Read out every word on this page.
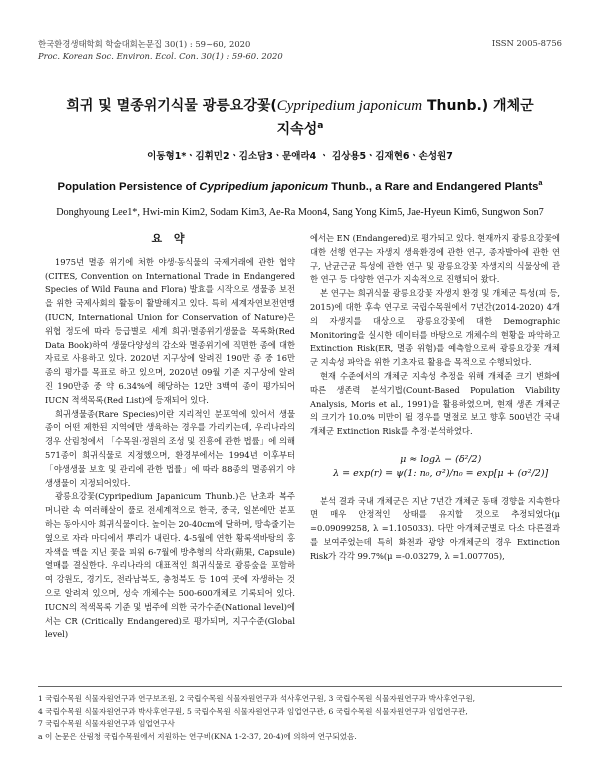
한국환경생태학회 학술대회논문집 30(1) : 59~60, 2020
Proc. Korean Soc. Environ. Ecol. Con. 30(1) : 59-60. 2020
ISSN 2005-8756
희귀 및 멸종위기식물 광릉요강꽃(Cypripedium japonicum Thunb.) 개체군
지속성$^a$
이동형1*ㆍ김휘민2ㆍ김소담3ㆍ문애라4 ㆍ 김상용5ㆍ김재현6ㆍ손성원7
Population Persistence of Cypripedium japonicum Thunb., a Rare and Endangered Plants$^a$
Donghyoung Lee1*, Hwi-min Kim2, Sodam Kim3, Ae-Ra Moon4, Sang Yong Kim5, Jae-Hyeun Kim6, Sungwon Son7
요 약

1975년 멸종 위기에 처한 야생·동식물의 국제거래에 관한 협약(CITES, Convention on International Trade in Endangered Species of Wild Fauna and Flora) 발효를 시작으로 생물종 보전을 위한 국제사회의 활동이 활발해지고 있다. 특히 세계자연보전연맹(IUCN, International Union for Conservation of Nature)은 위협 정도에 따라 등급별로 세계 희귀·멸종위기생물을 목록화(Red Data Book)하여 생물다양성의 감소와 멸종위기에 직면한 종에 대한 자료로 사용하고 있다. 2020년 지구상에 알려진 190만 종 중 16만 종의 평가를 목표로 하고 있으며, 2020년 09월 기준 지구상에 알려진 190만종 중 약 6.34%에 해당하는 12만 3백여 종이 평가되어 IUCN 적색목록(Red List)에 등재되어 있다.

희귀생물종(Rare Species)이란 지리적인 분포역에 있어서 생물종이 어떤 제한된 지역에만 생육하는 경우를 가리키는데, 우리나라의 경우 산림청에서 「수목원·정원의 조성 및 진흥에 관한 법률」에 의해 571종이 희귀식물로 지정했으며, 환경부에서는 1994년 이후부터 「야생생물 보호 및 관리에 관한 법률」에 따라 88종의 멸종위기 야생생물이 지정되어있다.

광릉요강꽃(Cypripedium Japanicum Thunb.)은 난초과 복주머니란 속 여러해살이 풀로 전세계적으로 한국, 중국, 일본에만 분포하는 동아시아 희귀식물이다. 높이는 20-40cm에 달하며, 땅속줄기는 옆으로 자라 마디에서 뿌리가 내린다. 4-5월에 연한 황록색바탕의 홍자색을 맥을 지닌 꽃을 피워 6-7월에 방추형의 삭과(蒴果, Capsule)열매를 결실한다. 우리나라의 대표적인 희귀식물로 광릉숲을 포함하여 강원도, 경기도, 전라남북도, 충청북도 등 10여 곳에 자생하는 것으로 알려져 있으며, 성숙 개체수는 500-600개체로 기록되어 있다. IUCN의 적색목록 기준 및 범주에 의한 국가수준(National level)에서는 CR (Critically Endangered)로 평가되며, 지구수준(Global level)

에서는 EN (Endangered)로 평가되고 있다. 현재까지 광릉요강꽃에 대한 선행 연구는 자생지 생육환경에 관한 연구, 종자발아에 관한 연구, 난균근균 특성에 관한 연구 및 광릉요강꽃 자생지의 식물상에 관한 연구 등 다양한 연구가 지속적으로 진행되어 왔다.

본 연구는 희귀식물 광릉요강꽃 자생지 환경 및 개체군 특성(피 등, 2015)에 대한 후속 연구로 국립수목원에서 7년간(2014-2020) 4개의 자생지를 대상으로 광릉요강꽃에 대한 Demographic Monitoring을 실시한 데이터를 바탕으로 개체수의 현황을 파악하고 Extinction Risk(ER, 멸종 위험)를 예측함으로써 광릉요강꽃 개체군 지속성 파악을 위한 기초자료 활용을 목적으로 수행되었다.

현재 수준에서의 개체군 지속성 추정을 위해 개체준 크기 변화에 따른 생존력 분석기법(Count-Based Population Viability Analysis, Moris et al., 1991)을 활용하였으며, 현재 생존 개체군의 크기가 10.0% 미만이 될 경우를 멸절로 보고 향후 500년간 국내 개체군 Extinction Risk를 추정·분석하였다.

μ ≈ logλ − (δ²/2)

λ = exp(r) = ψ(1: n₀, σ²)/n₀ = exp[μ + (σ²/2)]

분석 결과 국내 개체군은 지난 7년간 개체군 동태 경향을 지속한다면 매우 안정적인 상태를 유지할 것으로 추정되었다(μ =0.09099258, λ =1.105033). 다만 아개체군별로 다소 다른결과를 보여주었는데 특히 화천과 광양 아개체군의 경우 Extinction Risk가 각각 99.7%(μ =-0.03279, λ =1.007705),

1 국립수목원 식물자원연구과 연구보조원, 2 국립수목원 식물자원연구과 석사후연구원, 3 국립수목원 식물자원연구과 박사후연구원,
4 국립수목원 식물자원연구과 박사후연구원, 5 국립수목원 식물자원연구과 임업연구관, 6 국립수목원 식물자원연구과 임업연구관,
7 국립수목원 식물자원연구과 임업연구사
a 이 논문은 산림청 국립수목원에서 지원하는 연구비(KNA 1-2-37, 20-4)에 의하여 연구되었음.
